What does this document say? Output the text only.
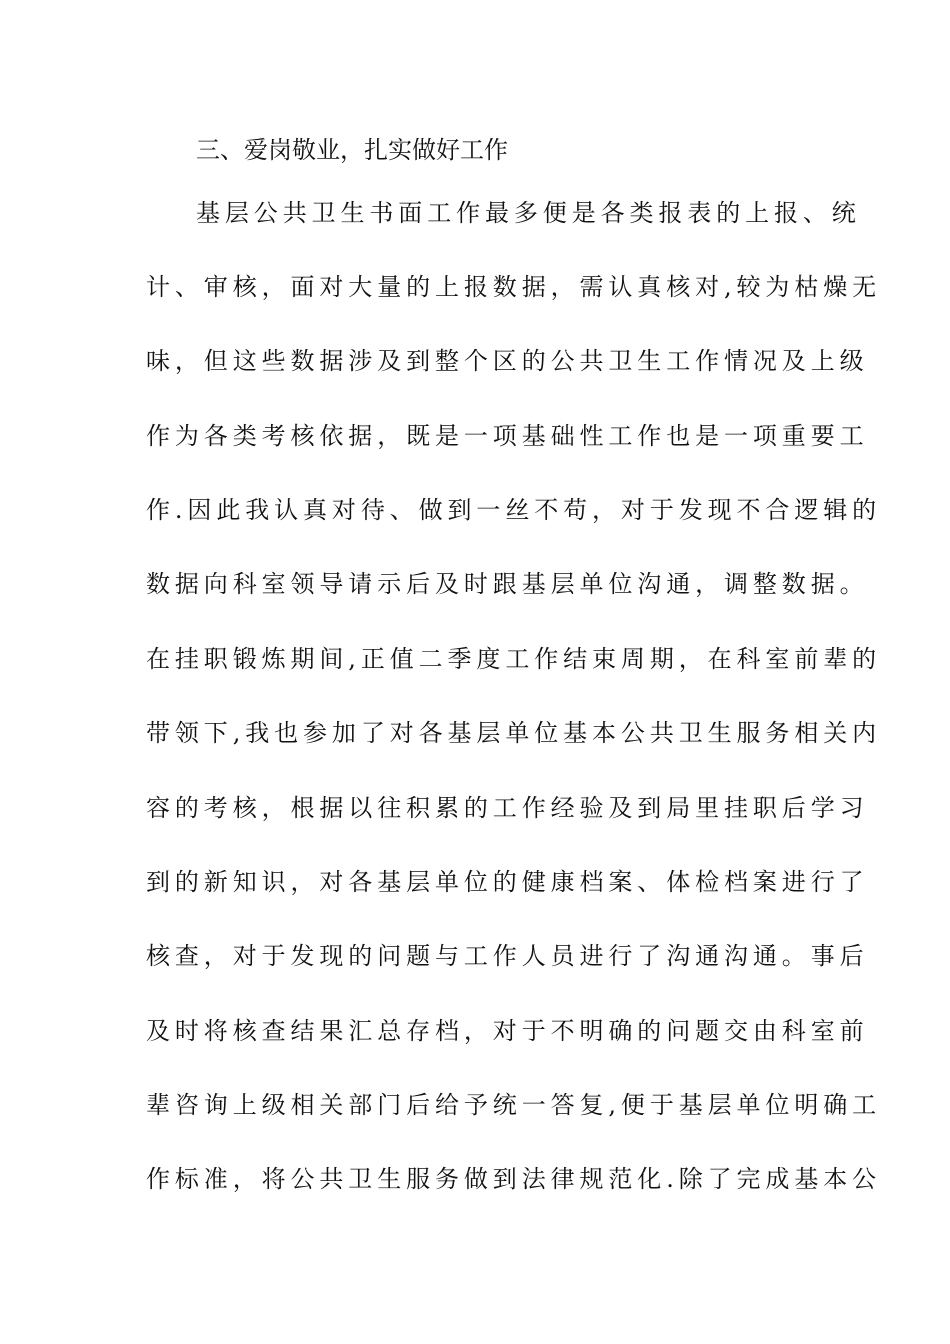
三、爱岗敬业，扎实做好工作
基层公共卫生书面工作最多便是各类报表的上报、统
计、审核，面对大量的上报数据，需认真核对,较为枯燥无
味，但这些数据涉及到整个区的公共卫生工作情况及上级
作为各类考核依据，既是一项基础性工作也是一项重要工
作.因此我认真对待、做到一丝不苟，对于发现不合逻辑的
数据向科室领导请示后及时跟基层单位沟通，调整数据。
在挂职锻炼期间,正值二季度工作结束周期，在科室前辈的
带领下,我也参加了对各基层单位基本公共卫生服务相关内
容的考核，根据以往积累的工作经验及到局里挂职后学习
到的新知识，对各基层单位的健康档案、体检档案进行了
核查，对于发现的问题与工作人员进行了沟通沟通。事后
及时将核查结果汇总存档，对于不明确的问题交由科室前
辈咨询上级相关部门后给予统一答复,便于基层单位明确工
作标准，将公共卫生服务做到法律规范化.除了完成基本公
